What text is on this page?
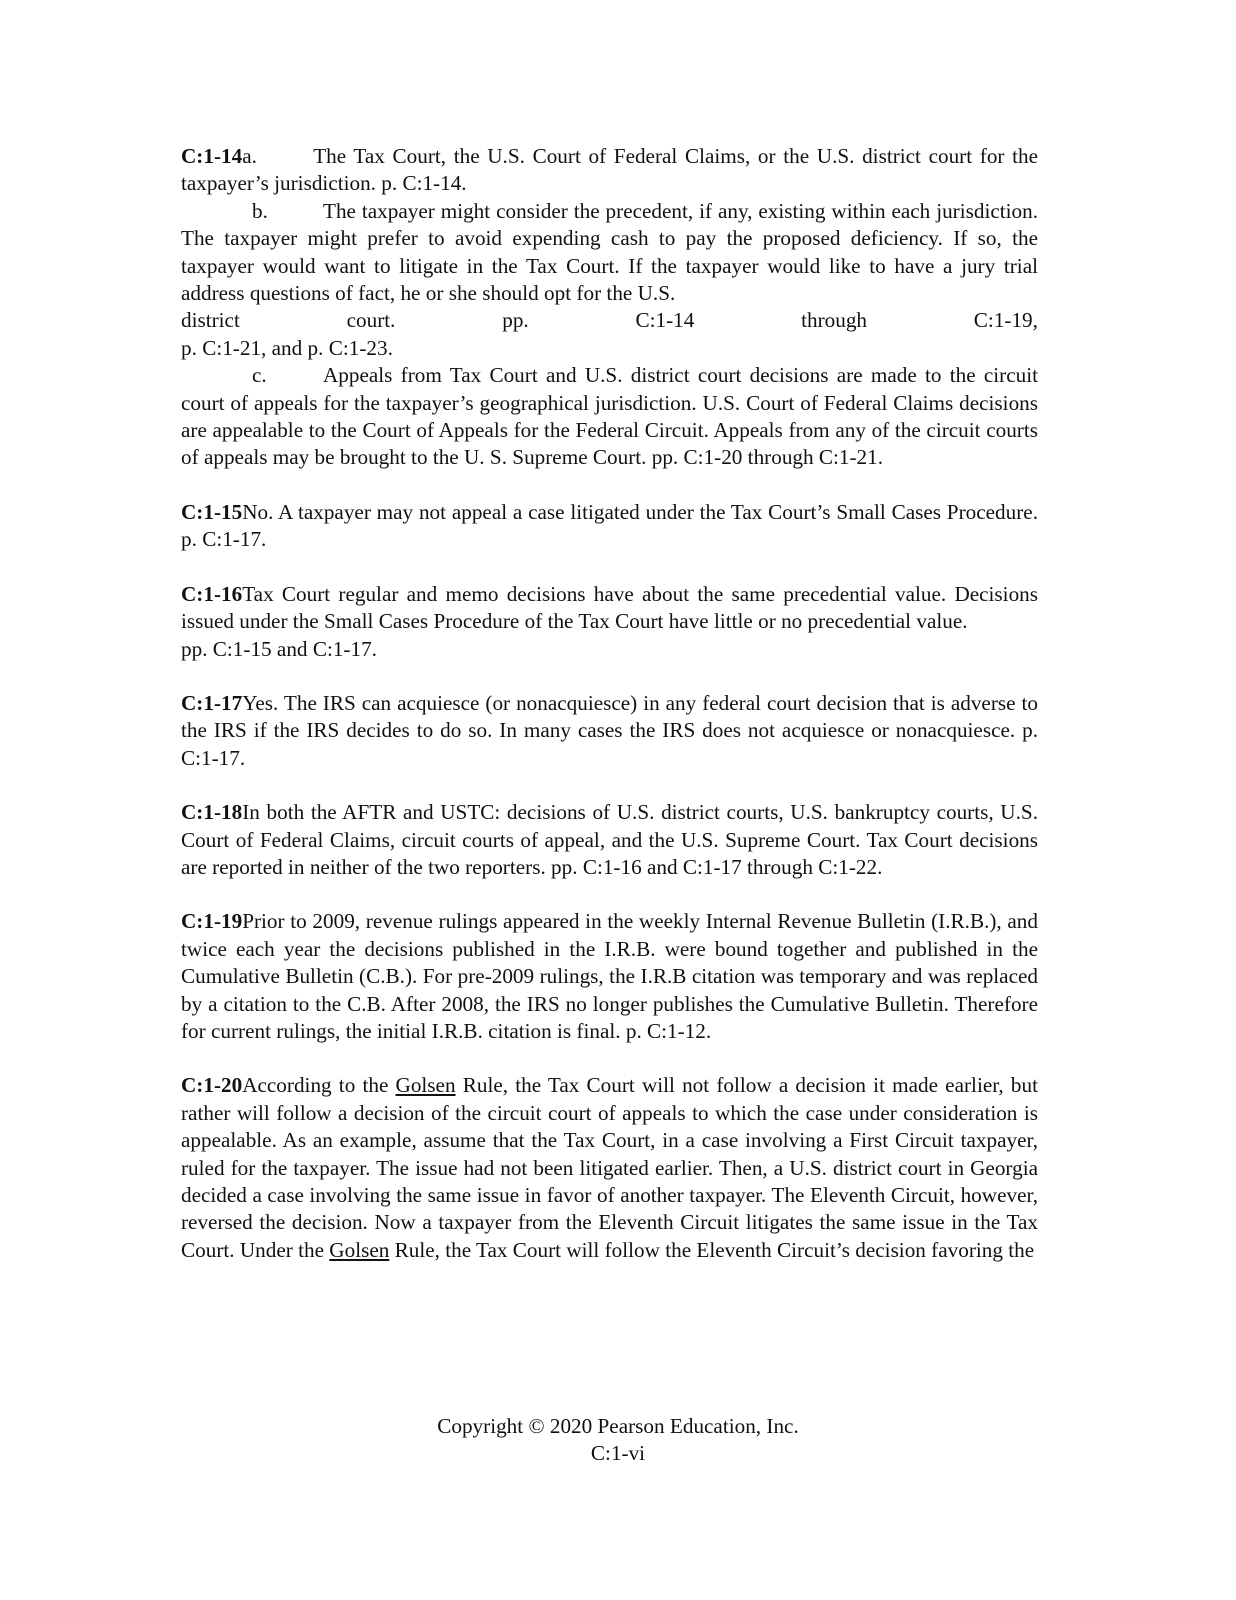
C:1-14a.	The Tax Court, the U.S. Court of Federal Claims, or the U.S. district court for the taxpayer’s jurisdiction. p. C:1-14.

b.	The taxpayer might consider the precedent, if any, existing within each jurisdiction. The taxpayer might prefer to avoid expending cash to pay the proposed deficiency. If so, the taxpayer would want to litigate in the Tax Court. If the taxpayer would like to have a jury trial address questions of fact, he or she should opt for the U.S.

district	court.	pp.	C:1-14	through	C:1-19,

p. C:1-21, and p. C:1-23.

c.	Appeals from Tax Court and U.S. district court decisions are made to the circuit court of appeals for the taxpayer’s geographical jurisdiction. U.S. Court of Federal Claims decisions are appealable to the Court of Appeals for the Federal Circuit. Appeals from any of the circuit courts of appeals may be brought to the U. S. Supreme Court. pp. C:1-20 through C:1-21.

C:1-15No. A taxpayer may not appeal a case litigated under the Tax Court’s Small Cases Procedure. p. C:1-17.

C:1-16Tax Court regular and memo decisions have about the same precedential value. Decisions issued under the Small Cases Procedure of the Tax Court have little or no precedential value.

pp. C:1-15 and C:1-17.

C:1-17Yes. The IRS can acquiesce (or nonacquiesce) in any federal court decision that is adverse to the IRS if the IRS decides to do so. In many cases the IRS does not acquiesce or nonacquiesce. p. C:1-17.

C:1-18In both the AFTR and USTC: decisions of U.S. district courts, U.S. bankruptcy courts, U.S. Court of Federal Claims, circuit courts of appeal, and the U.S. Supreme Court. Tax Court decisions are reported in neither of the two reporters. pp. C:1-16 and C:1-17 through C:1-22.

C:1-19Prior to 2009, revenue rulings appeared in the weekly Internal Revenue Bulletin (I.R.B.), and twice each year the decisions published in the I.R.B. were bound together and published in the Cumulative Bulletin (C.B.). For pre-2009 rulings, the I.R.B citation was temporary and was replaced by a citation to the C.B. After 2008, the IRS no longer publishes the Cumulative Bulletin. Therefore for current rulings, the initial I.R.B. citation is final. p. C:1-12.

C:1-20According to the Golsen Rule, the Tax Court will not follow a decision it made earlier, but rather will follow a decision of the circuit court of appeals to which the case under consideration is appealable. As an example, assume that the Tax Court, in a case involving a First Circuit taxpayer, ruled for the taxpayer. The issue had not been litigated earlier. Then, a U.S. district court in Georgia decided a case involving the same issue in favor of another taxpayer. The Eleventh Circuit, however, reversed the decision. Now a taxpayer from the Eleventh Circuit litigates the same issue in the Tax Court. Under the Golsen Rule, the Tax Court will follow the Eleventh Circuit’s decision favoring the

Copyright © 2020 Pearson Education, Inc.
C:1-vi
